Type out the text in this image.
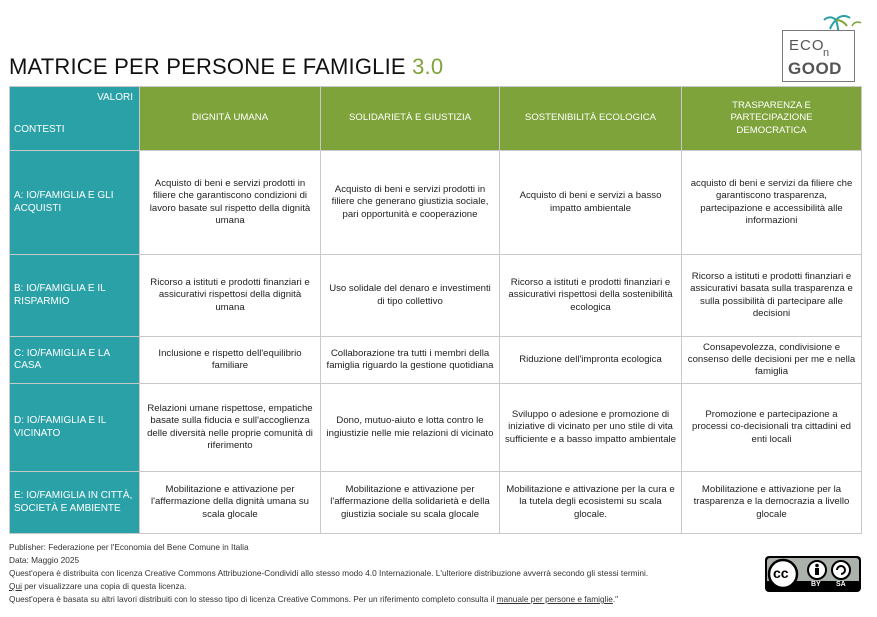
MATRICE PER PERSONE E FAMIGLIE 3.0
ECO
n
GOOD
VALORI
CONTESTI	DIGNITÀ UMANA	SOLIDARIETÀ E GIUSTIZIA	SOSTENIBILITÀ ECOLOGICA	TRASPARENZA E PARTECIPAZIONE DEMOCRATICA
A: IO/FAMIGLIA E GLI ACQUISTI	Acquisto di beni e servizi prodotti in filiere che garantiscono condizioni di lavoro basate sul rispetto della dignità umana	Acquisto di beni e servizi prodotti in filiere che generano giustizia sociale, pari opportunità e cooperazione	Acquisto di beni e servizi a basso impatto ambientale	acquisto di beni e servizi da filiere che garantiscono trasparenza, partecipazione e accessibilità alle informazioni
B: IO/FAMIGLIA E IL RISPARMIO	Ricorso a istituti e prodotti finanziari e assicurativi rispettosi della dignità umana	Uso solidale del denaro e investimenti di tipo collettivo	Ricorso a istituti e prodotti finanziari e assicurativi rispettosi della sostenibilità ecologica	Ricorso a istituti e prodotti finanziari e assicurativi basata sulla trasparenza e sulla possibilità di partecipare alle decisioni
C: IO/FAMIGLIA E LA CASA	Inclusione e rispetto dell'equilibrio familiare	Collaborazione tra tutti i membri della famiglia riguardo la gestione quotidiana	Riduzione dell'impronta ecologica	Consapevolezza, condivisione e consenso delle decisioni per me e nella famiglia
D: IO/FAMIGLIA E IL VICINATO	Relazioni umane rispettose, empatiche basate sulla fiducia e sull'accoglienza delle diversità nelle proprie comunità di riferimento	Dono, mutuo-aiuto e lotta contro le ingiustizie nelle mie relazioni di vicinato	Sviluppo o adesione e promozione di iniziative di vicinato per uno stile di vita sufficiente e a basso impatto ambientale	Promozione e partecipazione a processi co-decisionali tra cittadini ed enti locali
E: IO/FAMIGLIA IN CITTÀ, SOCIETÀ E AMBIENTE	Mobilitazione e attivazione per l'affermazione della dignità umana su scala glocale	Mobilitazione e attivazione per l'affermazione della solidarietà e della giustizia sociale su scala glocale	Mobilitazione e attivazione per la cura e la tutela degli ecosistemi su scala glocale.	Mobilitazione e attivazione per la trasparenza e la democrazia a livello glocale
Publisher: Federazione per l'Economia del Bene Comune in Italia
Data: Maggio 2025
Quest'opera è distribuita con licenza Creative Commons Attribuzione-Condividi allo stesso modo 4.0 Internazionale. L'ulteriore distribuzione avverrà secondo gli stessi termini.
Qui per visualizzare una copia di questa licenza.
Quest'opera è basata su altri lavori distribuiti con lo stesso tipo di licenza Creative Commons. Per un riferimento completo consulta il manuale per persone e famiglie."
cc
BY SA
